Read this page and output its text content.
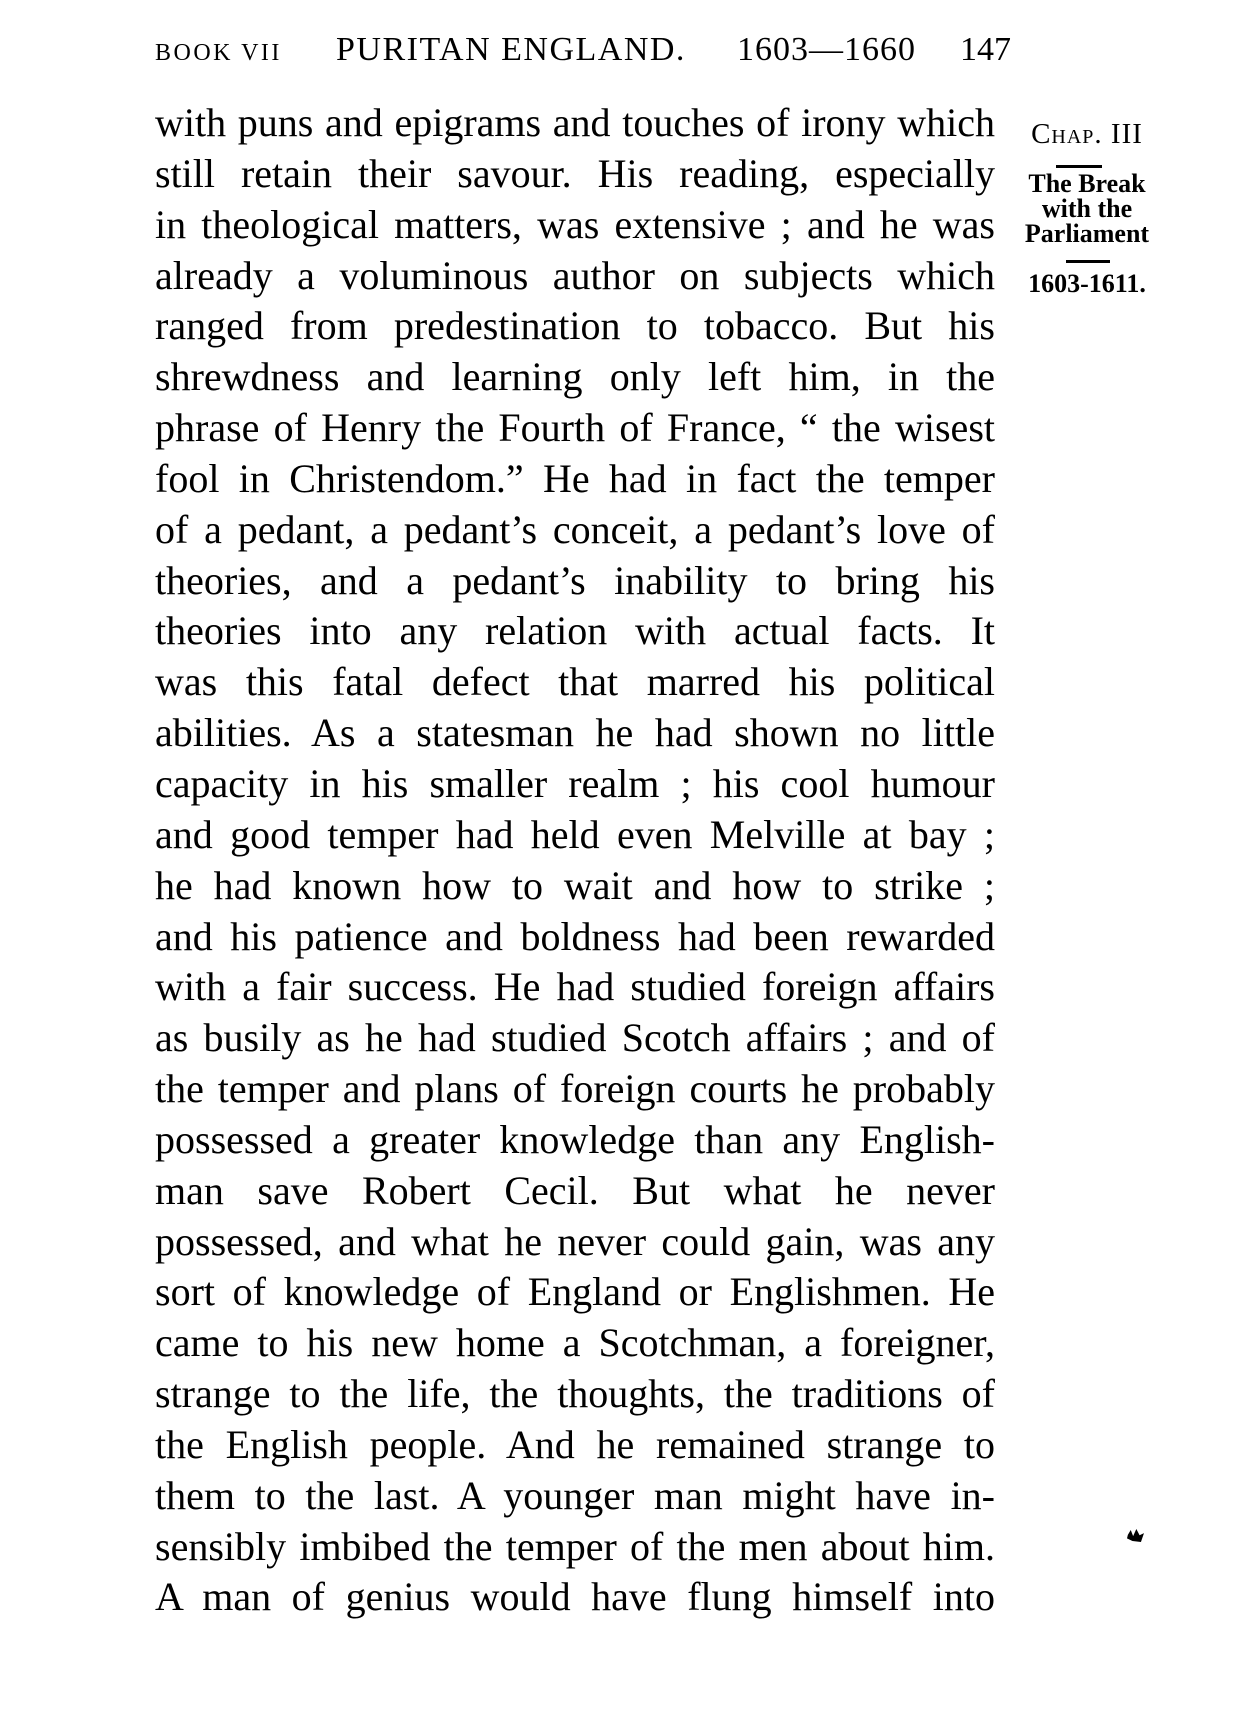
BOOK VII PURITAN ENGLAND. 1603—1660 147
with puns and epigrams and touches of irony which
still retain their savour. His reading, especially
in theological matters, was extensive ; and he was
already a voluminous author on subjects which
ranged from predestination to tobacco. But his
shrewdness and learning only left him, in the
phrase of Henry the Fourth of France, “ the wisest
fool in Christendom.” He had in fact the temper
of a pedant, a pedant’s conceit, a pedant’s love of
theories, and a pedant’s inability to bring his
theories into any relation with actual facts. It
was this fatal defect that marred his political
abilities. As a statesman he had shown no little
capacity in his smaller realm ; his cool humour
and good temper had held even Melville at bay ;
he had known how to wait and how to strike ;
and his patience and boldness had been rewarded
with a fair success. He had studied foreign affairs
as busily as he had studied Scotch affairs ; and of
the temper and plans of foreign courts he probably
possessed a greater knowledge than any English-
man save Robert Cecil. But what he never
possessed, and what he never could gain, was any
sort of knowledge of England or Englishmen. He
came to his new home a Scotchman, a foreigner,
strange to the life, the thoughts, the traditions of
the English people. And he remained strange to
them to the last. A younger man might have in-
sensibly imbibed the temper of the men about him.
A man of genius would have flung himself into
Chap. III
The Break
with the
Parliament
1603-1611.
